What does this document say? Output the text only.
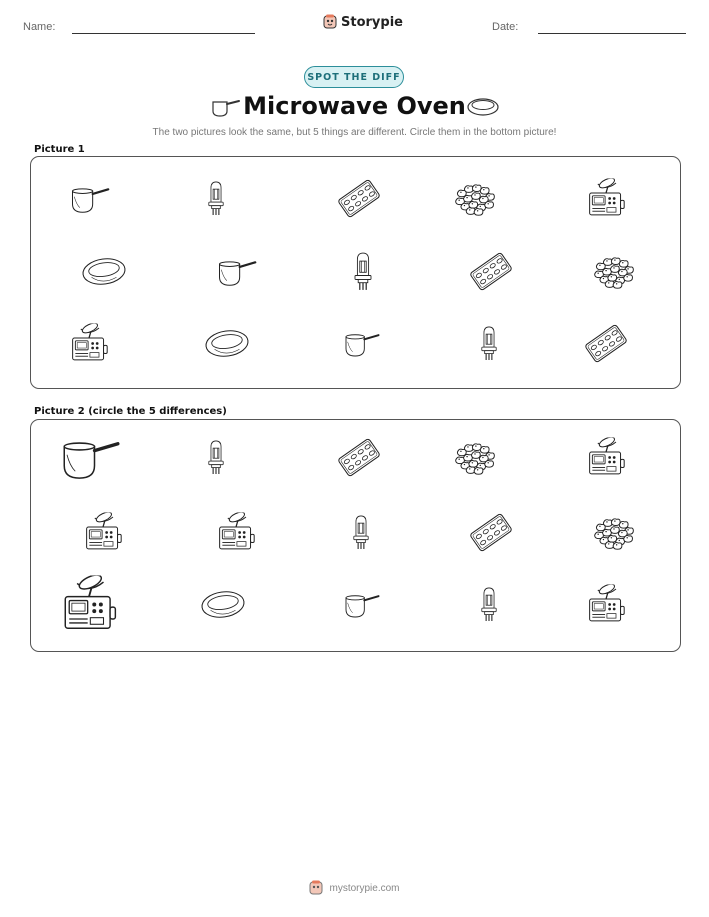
Name:	Storypie	Date:
SPOT THE DIFF
Microwave Oven
The two pictures look the same, but 5 things are different. Circle them in the bottom picture!
Picture 1
Picture 2 (circle the 5 differences)
mystorypie.com
